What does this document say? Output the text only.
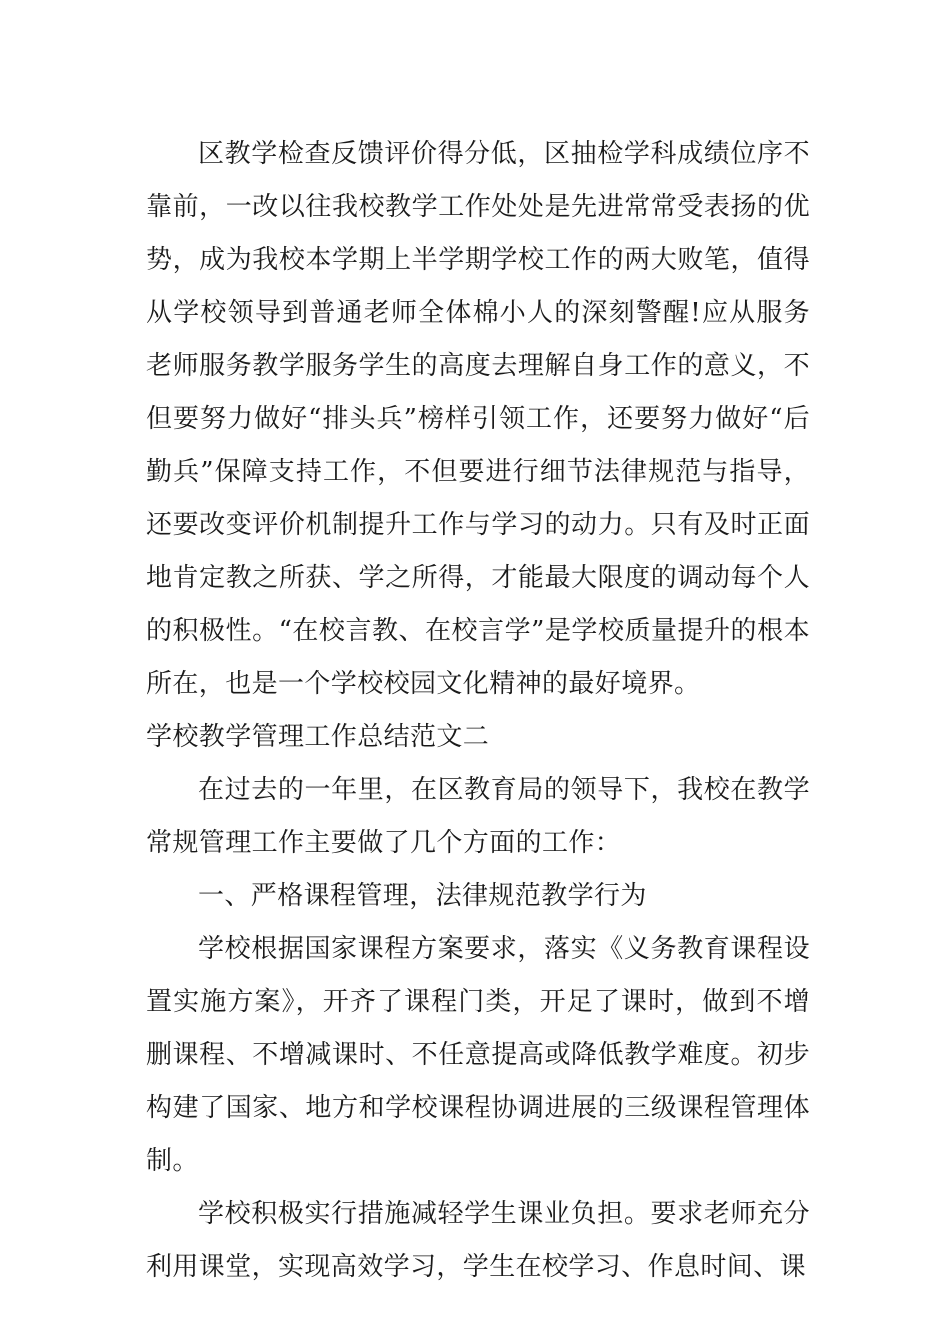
区教学检查反馈评价得分低，区抽检学科成绩位序不靠前，一改以往我校教学工作处处是先进常常受表扬的优势，成为我校本学期上半学期学校工作的两大败笔，值得从学校领导到普通老师全体棉小人的深刻警醒!应从服务老师服务教学服务学生的高度去理解自身工作的意义，不但要努力做好“排头兵”榜样引领工作，还要努力做好“后勤兵”保障支持工作，不但要进行细节法律规范与指导，还要改变评价机制提升工作与学习的动力。只有及时正面地肯定教之所获、学之所得，才能最大限度的调动每个人的积极性。“在校言教、在校言学”是学校质量提升的根本所在，也是一个学校校园文化精神的最好境界。

学校教学管理工作总结范文二

在过去的一年里，在区教育局的领导下，我校在教学常规管理工作主要做了几个方面的工作：

一、严格课程管理，法律规范教学行为

学校根据国家课程方案要求，落实《义务教育课程设置实施方案》，开齐了课程门类，开足了课时，做到不增删课程、不增减课时、不任意提高或降低教学难度。初步构建了国家、地方和学校课程协调进展的三级课程管理体制。

学校积极实行措施减轻学生课业负担。要求老师充分利用课堂，实现高效学习，学生在校学习、作息时间、课
